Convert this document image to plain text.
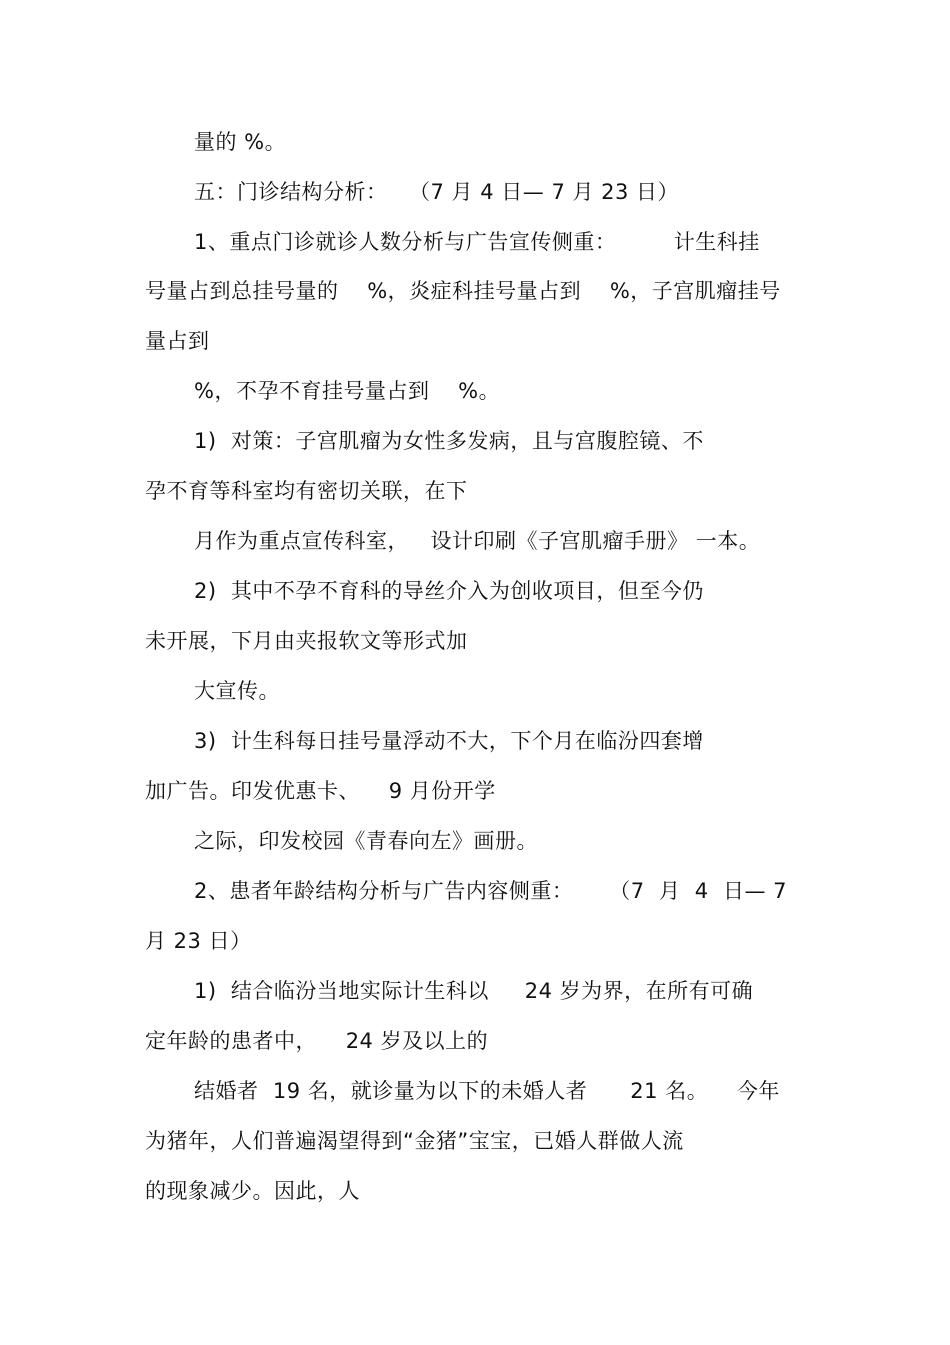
量的 %。
五：门诊结构分析：   （7 月 4 日— 7 月 23 日）
1、重点门诊就诊人数分析与广告宣传侧重：        计生科挂
号量占到总挂号量的    %，炎症科挂号量占到    %，子宫肌瘤挂号
量占到
%，不孕不育挂号量占到    %。
1)  对策：子宫肌瘤为女性多发病，且与宫腹腔镜、不
孕不育等科室均有密切关联，在下
月作为重点宣传科室，   设计印刷《子宫肌瘤手册》 一本。
2)  其中不孕不育科的导丝介入为创收项目，但至今仍
未开展，下月由夹报软文等形式加
大宣传。
3)  计生科每日挂号量浮动不大，下个月在临汾四套增
加广告。印发优惠卡、    9 月份开学
之际，印发校园《青春向左》画册。
2、患者年龄结构分析与广告内容侧重：     （7  月  4  日— 7
月 23 日）
1)  结合临汾当地实际计生科以     24 岁为界，在所有可确
定年龄的患者中，    24 岁及以上的
结婚者  19 名，就诊量为以下的未婚人者      21 名。    今年
为猪年，人们普遍渴望得到“金猪”宝宝，已婚人群做人流
的现象减少。因此，人
